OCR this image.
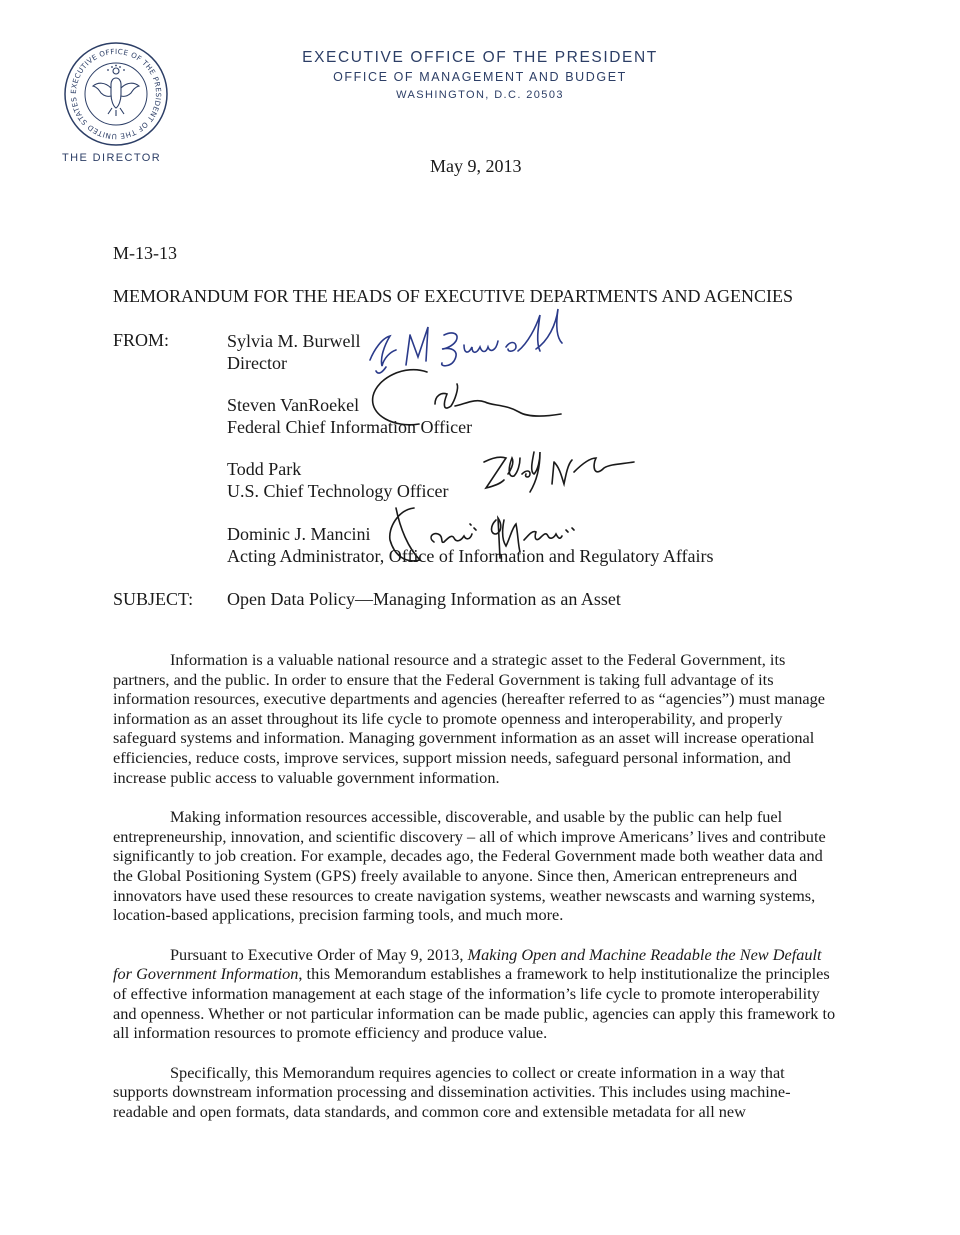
EXECUTIVE OFFICE OF THE PRESIDENT OF THE UNITED STATES
EXECUTIVE OFFICE OF THE PRESIDENT
OFFICE OF MANAGEMENT AND BUDGET
WASHINGTON, D.C. 20503
THE DIRECTOR	May 9, 2013
M-13-13
MEMORANDUM FOR THE HEADS OF EXECUTIVE DEPARTMENTS AND AGENCIES
FROM:	Sylvia M. Burwell
Director
Steven VanRoekel
Federal Chief Information Officer
Todd Park
U.S. Chief Technology Officer
Dominic J. Mancini
Acting Administrator, Office of Information and Regulatory Affairs
SUBJECT: Open Data Policy—Managing Information as an Asset

Information is a valuable national resource and a strategic asset to the Federal Government, its partners, and the public. In order to ensure that the Federal Government is taking full advantage of its information resources, executive departments and agencies (hereafter referred to as “agencies”) must manage information as an asset throughout its life cycle to promote openness and interoperability, and properly safeguard systems and information. Managing government information as an asset will increase operational efficiencies, reduce costs, improve services, support mission needs, safeguard personal information, and increase public access to valuable government information.

Making information resources accessible, discoverable, and usable by the public can help fuel entrepreneurship, innovation, and scientific discovery – all of which improve Americans’ lives and contribute significantly to job creation. For example, decades ago, the Federal Government made both weather data and the Global Positioning System (GPS) freely available to anyone. Since then, American entrepreneurs and innovators have used these resources to create navigation systems, weather newscasts and warning systems, location-based applications, precision farming tools, and much more.

Pursuant to Executive Order of May 9, 2013, Making Open and Machine Readable the New Default for Government Information, this Memorandum establishes a framework to help institutionalize the principles of effective information management at each stage of the information’s life cycle to promote interoperability and openness. Whether or not particular information can be made public, agencies can apply this framework to all information resources to promote efficiency and produce value.

Specifically, this Memorandum requires agencies to collect or create information in a way that supports downstream information processing and dissemination activities. This includes using machine-readable and open formats, data standards, and common core and extensible metadata for all new
